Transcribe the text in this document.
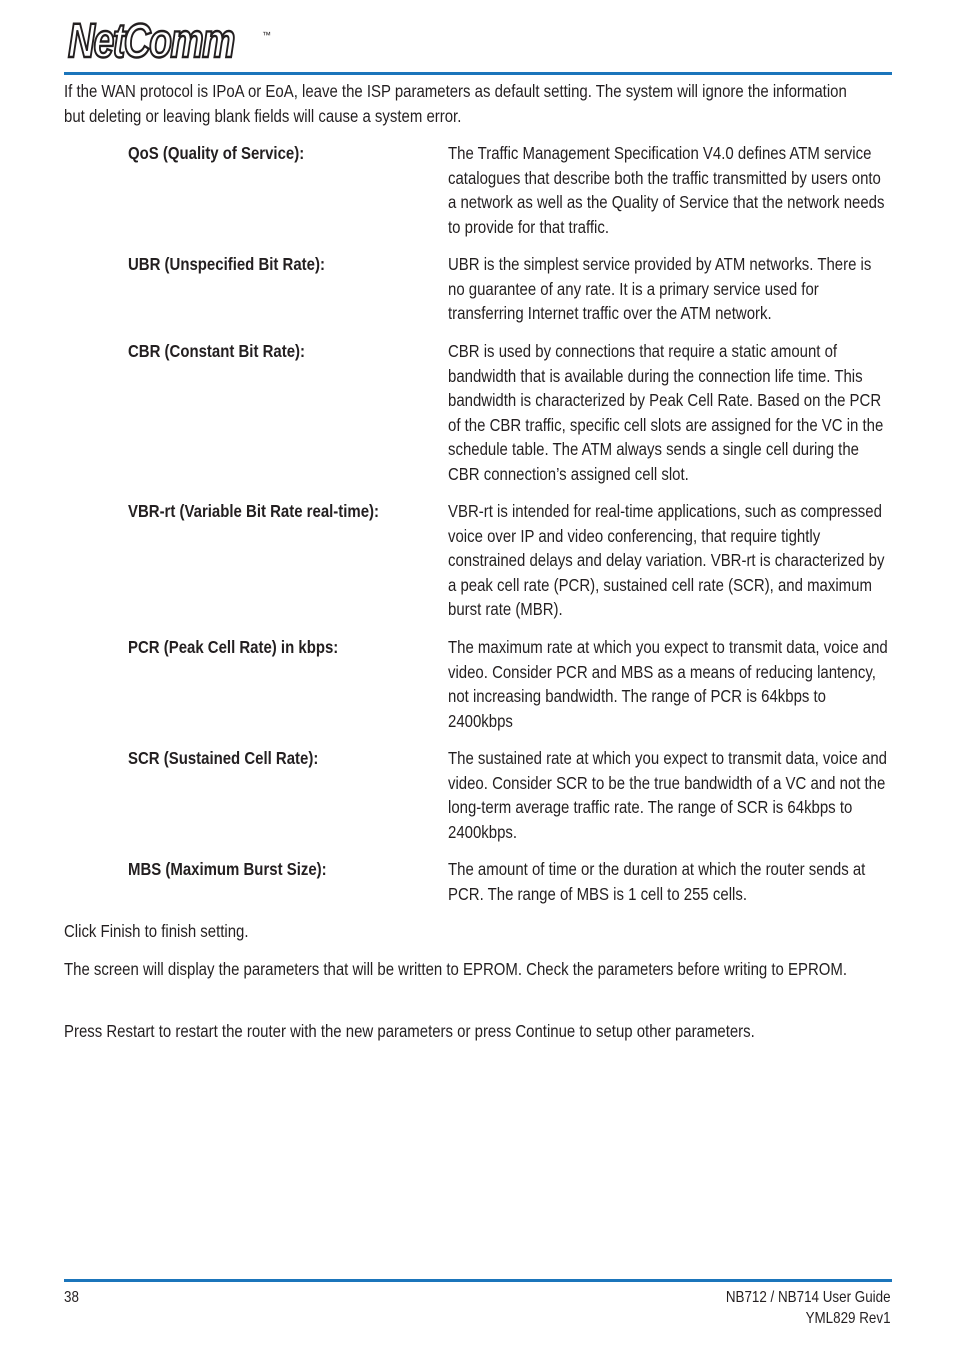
NetComm	™
If the WAN protocol is IPoA or EoA, leave the ISP parameters as default setting. The system will ignore the information but deleting or leaving blank fields will cause a system error.
QoS (Quality of Service):	The Traffic Management Specification V4.0 defines ATM service catalogues that describe both the traffic transmitted by users onto a network as well as the Quality of Service that the network needs to provide for that traffic.
UBR (Unspecified Bit Rate):	UBR is the simplest service provided by ATM networks. There is no guarantee of any rate. It is a primary service used for transferring Internet traffic over the ATM network.
CBR (Constant Bit Rate):	CBR is used by connections that require a static amount of bandwidth that is available during the connection life time. This bandwidth is characterized by Peak Cell Rate. Based on the PCR of the CBR traffic, specific cell slots are assigned for the VC in the schedule table. The ATM always sends a single cell during the CBR connection’s assigned cell slot.
VBR-rt (Variable Bit Rate real-time):	VBR-rt is intended for real-time applications, such as compressed voice over IP and video conferencing, that require tightly constrained delays and delay variation. VBR-rt is characterized by a peak cell rate (PCR), sustained cell rate (SCR), and maximum burst rate (MBR).
PCR (Peak Cell Rate) in kbps:	The maximum rate at which you expect to transmit data, voice and video. Consider PCR and MBS as a means of reducing lantency, not increasing bandwidth. The range of PCR is 64kbps to 2400kbps
SCR (Sustained Cell Rate):	The sustained rate at which you expect to transmit data, voice and video. Consider SCR to be the true bandwidth of a VC and not the long-term average traffic rate. The range of SCR is 64kbps to 2400kbps.
MBS (Maximum Burst Size):	The amount of time or the duration at which the router sends at PCR. The range of MBS is 1 cell to 255 cells.
Click Finish to finish setting.
The screen will display the parameters that will be written to EPROM. Check the parameters before writing to EPROM.
Press Restart to restart the router with the new parameters or press Continue to setup other parameters.
38	NB712 / NB714 User Guide
YML829 Rev1
